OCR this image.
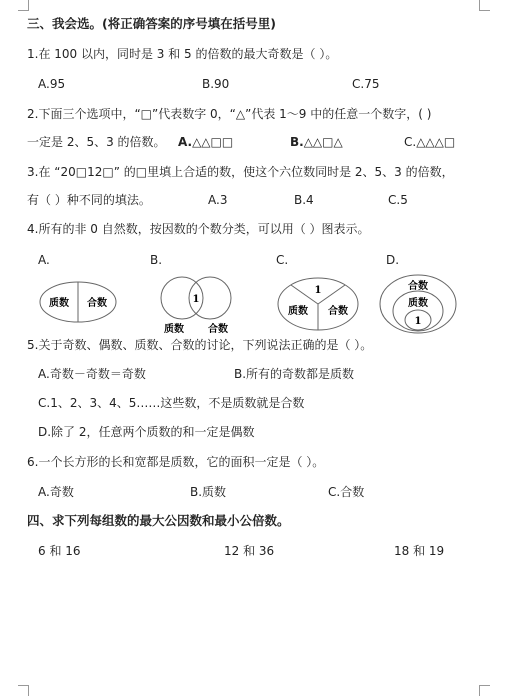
三、我会选。(将正确答案的序号填在括号里)
1.在 100 以内，同时是 3 和 5 的倍数的最大奇数是（ ）。
A.95	B.90	C.75
2.下面三个选项中，“□”代表数字 0，“△”代表 1～9 中的任意一个数字，( )
一定是 2、5、3 的倍数。 A.△△□□	B.△△□△	C.△△△□
3.在 “20□12□” 的□里填上合适的数，使这个六位数同时是 2、5、3 的倍数，
有（ ）种不同的填法。	A.3	B.4	C.5
4.所有的非 0 自然数，按因数的个数分类，可以用（ ）图表示。
A.	B.	C.	D.
质数 合数	1
质数 合数
1
质数 合数
合数
质数
1
5.关于奇数、偶数、质数、合数的讨论，下列说法正确的是（ ）。
A.奇数－奇数＝奇数	B.所有的奇数都是质数
C.1、2、3、4、5……这些数，不是质数就是合数
D.除了 2，任意两个质数的和一定是偶数
6.一个长方形的长和宽都是质数，它的面积一定是（ ）。
A.奇数	B.质数	C.合数
四、求下列每组数的最大公因数和最小公倍数。
6 和 16	12 和 36	18 和 19
